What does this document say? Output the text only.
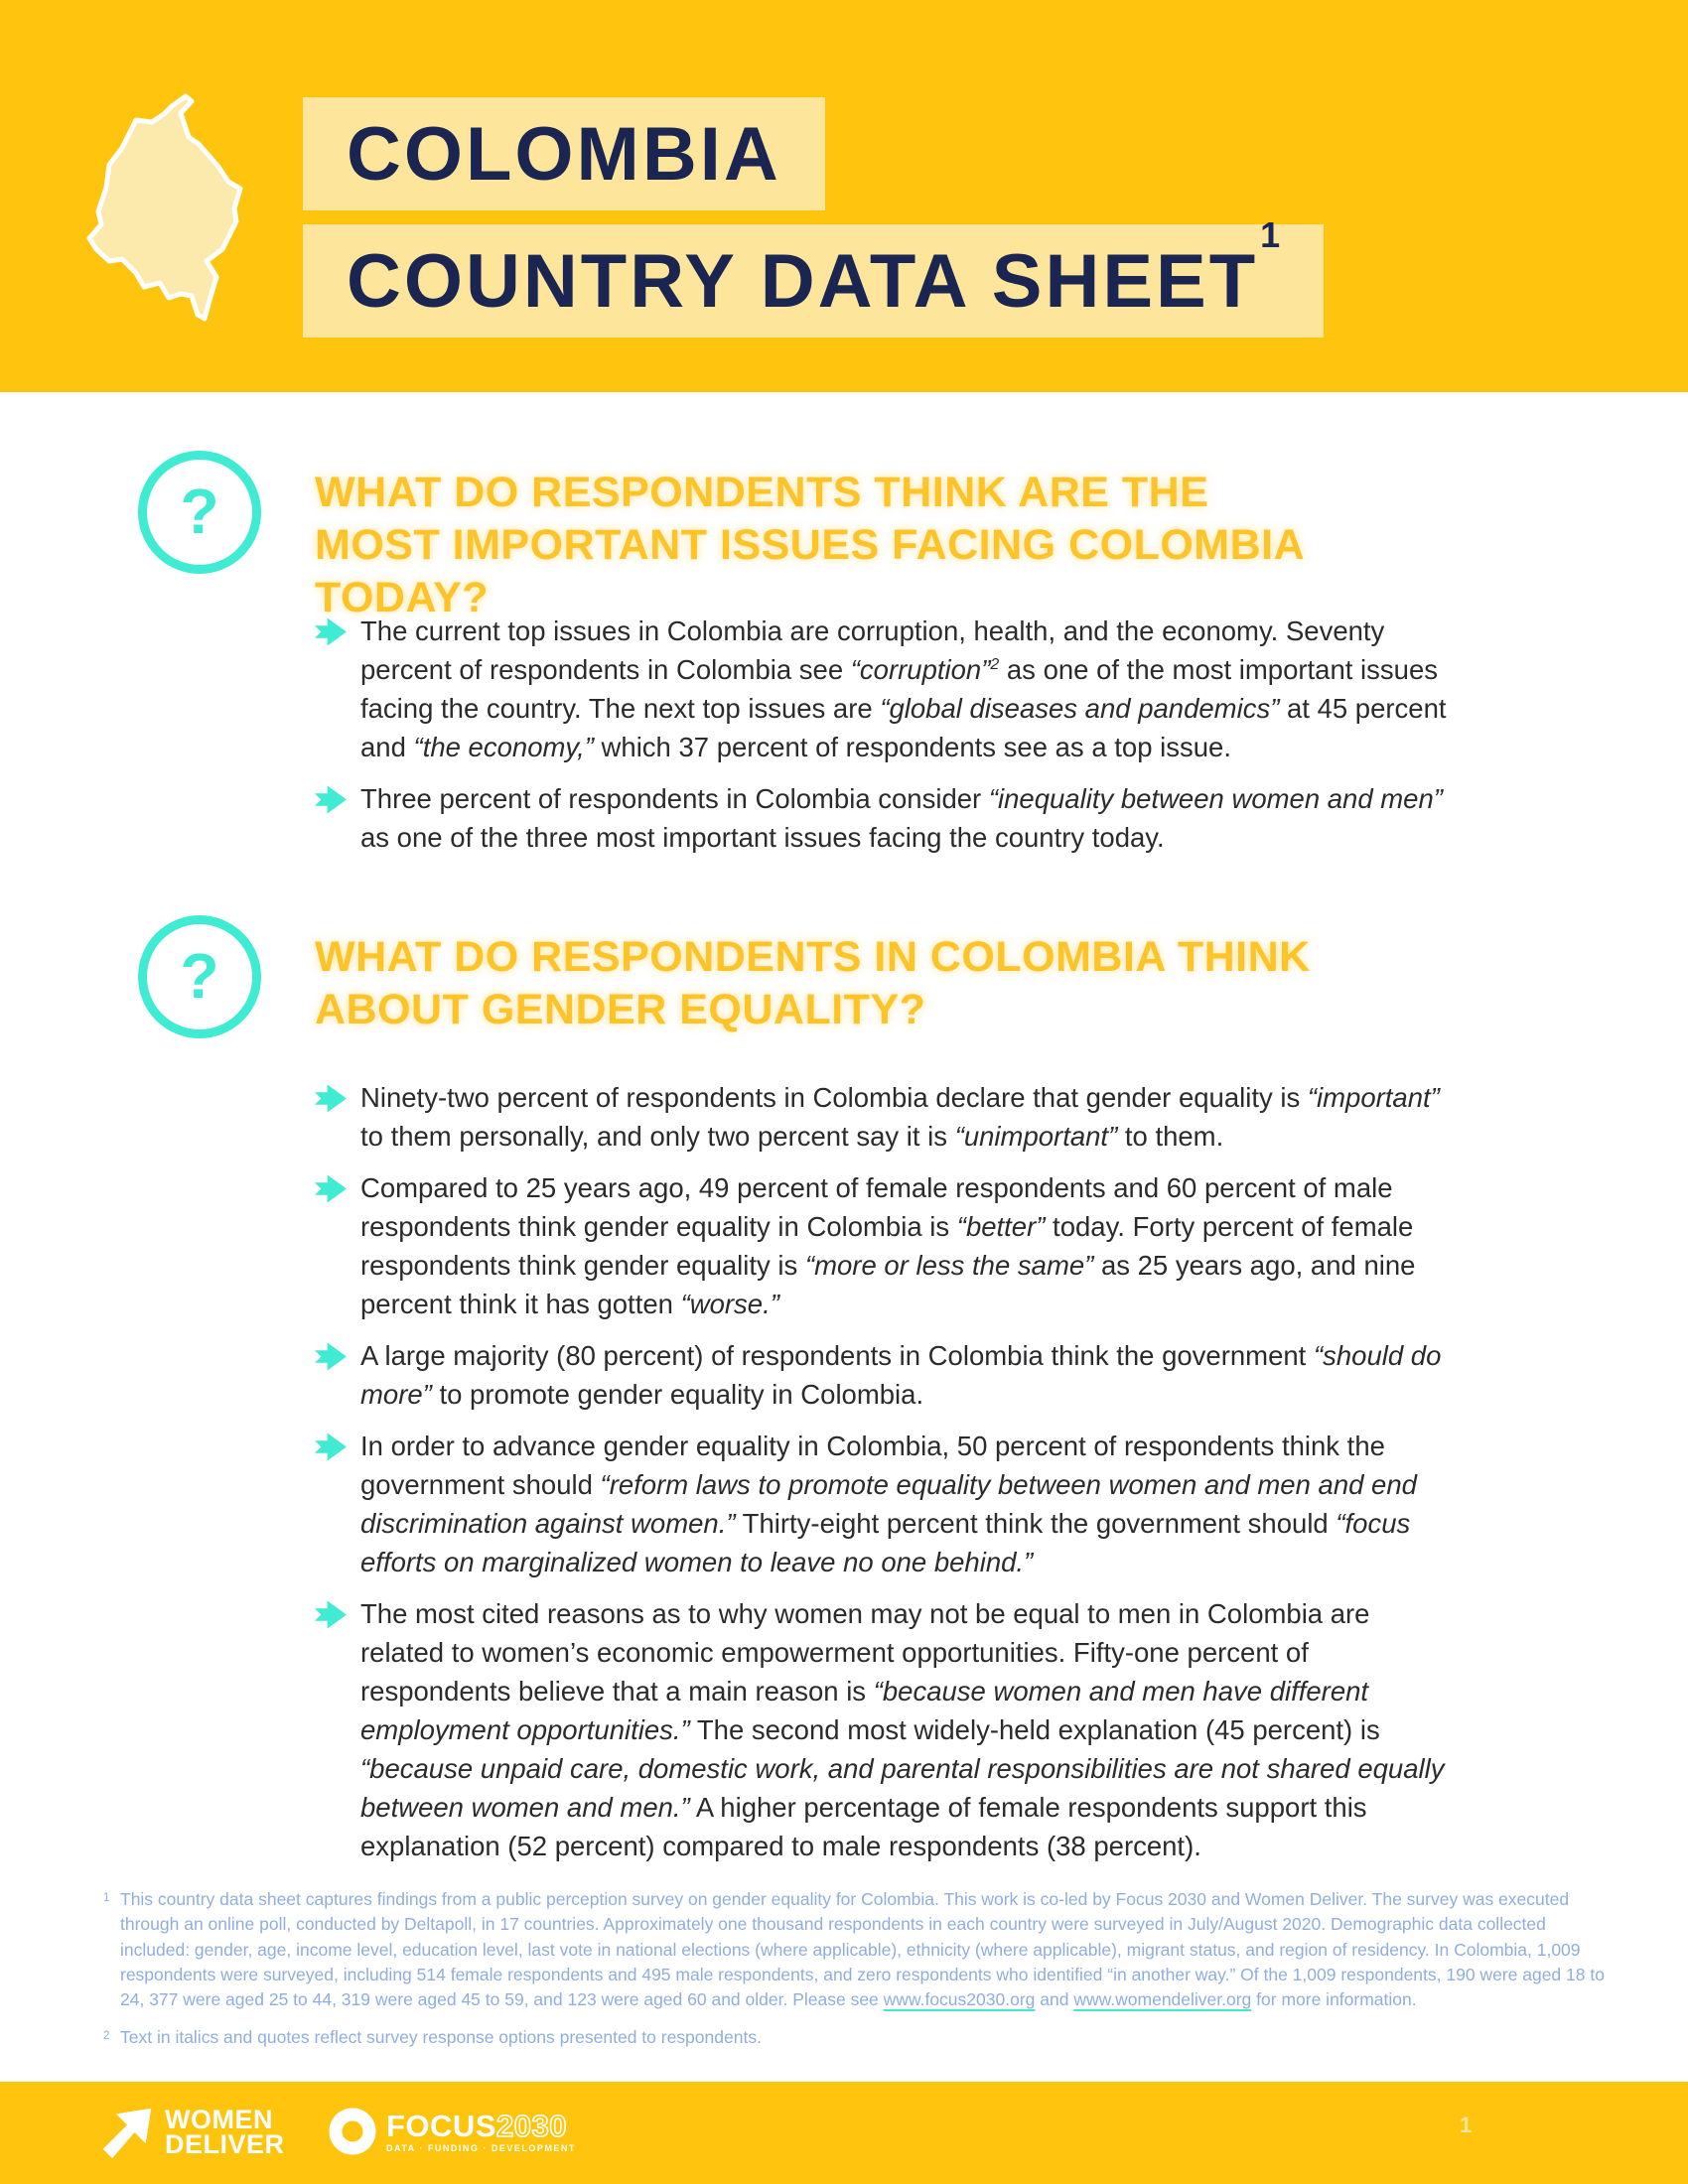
COLOMBIA
COUNTRY DATA SHEET$^1$
?	WHAT DO RESPONDENTS THINK ARE THE MOST IMPORTANT ISSUES FACING COLOMBIA TODAY?

The current top issues in Colombia are corruption, health, and the economy. Seventy percent of respondents in Colombia see “corruption”$^2$ as one of the most important issues facing the country. The next top issues are “global diseases and pandemics” at 45 percent and “the economy,” which 37 percent of respondents see as a top issue.

Three percent of respondents in Colombia consider “inequality between women and men” as one of the three most important issues facing the country today.

?	WHAT DO RESPONDENTS IN COLOMBIA THINK ABOUT GENDER EQUALITY?

Ninety-two percent of respondents in Colombia declare that gender equality is “important” to them personally, and only two percent say it is “unimportant” to them.

Compared to 25 years ago, 49 percent of female respondents and 60 percent of male respondents think gender equality in Colombia is “better” today. Forty percent of female respondents think gender equality is “more or less the same” as 25 years ago, and nine percent think it has gotten “worse.”

A large majority (80 percent) of respondents in Colombia think the government “should do more” to promote gender equality in Colombia.

In order to advance gender equality in Colombia, 50 percent of respondents think the government should “reform laws to promote equality between women and men and end discrimination against women.” Thirty-eight percent think the government should “focus efforts on marginalized women to leave no one behind.”

The most cited reasons as to why women may not be equal to men in Colombia are related to women’s economic empowerment opportunities. Fifty-one percent of respondents believe that a main reason is “because women and men have different employment opportunities.” The second most widely-held explanation (45 percent) is “because unpaid care, domestic work, and parental responsibilities are not shared equally between women and men.” A higher percentage of female respondents support this explanation (52 percent) compared to male respondents (38 percent).

1 This country data sheet captures findings from a public perception survey on gender equality for Colombia. This work is co-led by Focus 2030 and Women Deliver. The survey was executed through an online poll, conducted by Deltapoll, in 17 countries. Approximately one thousand respondents in each country were surveyed in July/August 2020. Demographic data collected included: gender, age, income level, education level, last vote in national elections (where applicable), ethnicity (where applicable), migrant status, and region of residency. In Colombia, 1,009 respondents were surveyed, including 514 female respondents and 495 male respondents, and zero respondents who identified “in another way.” Of the 1,009 respondents, 190 were aged 18 to 24, 377 were aged 25 to 44, 319 were aged 45 to 59, and 123 were aged 60 and older. Please see www.focus2030.org and www.womendeliver.org for more information.

2 Text in italics and quotes reflect survey response options presented to respondents.

WOMEN
DELIVER
FOCUS2030
DATA · FUNDING · DEVELOPMENT
1
